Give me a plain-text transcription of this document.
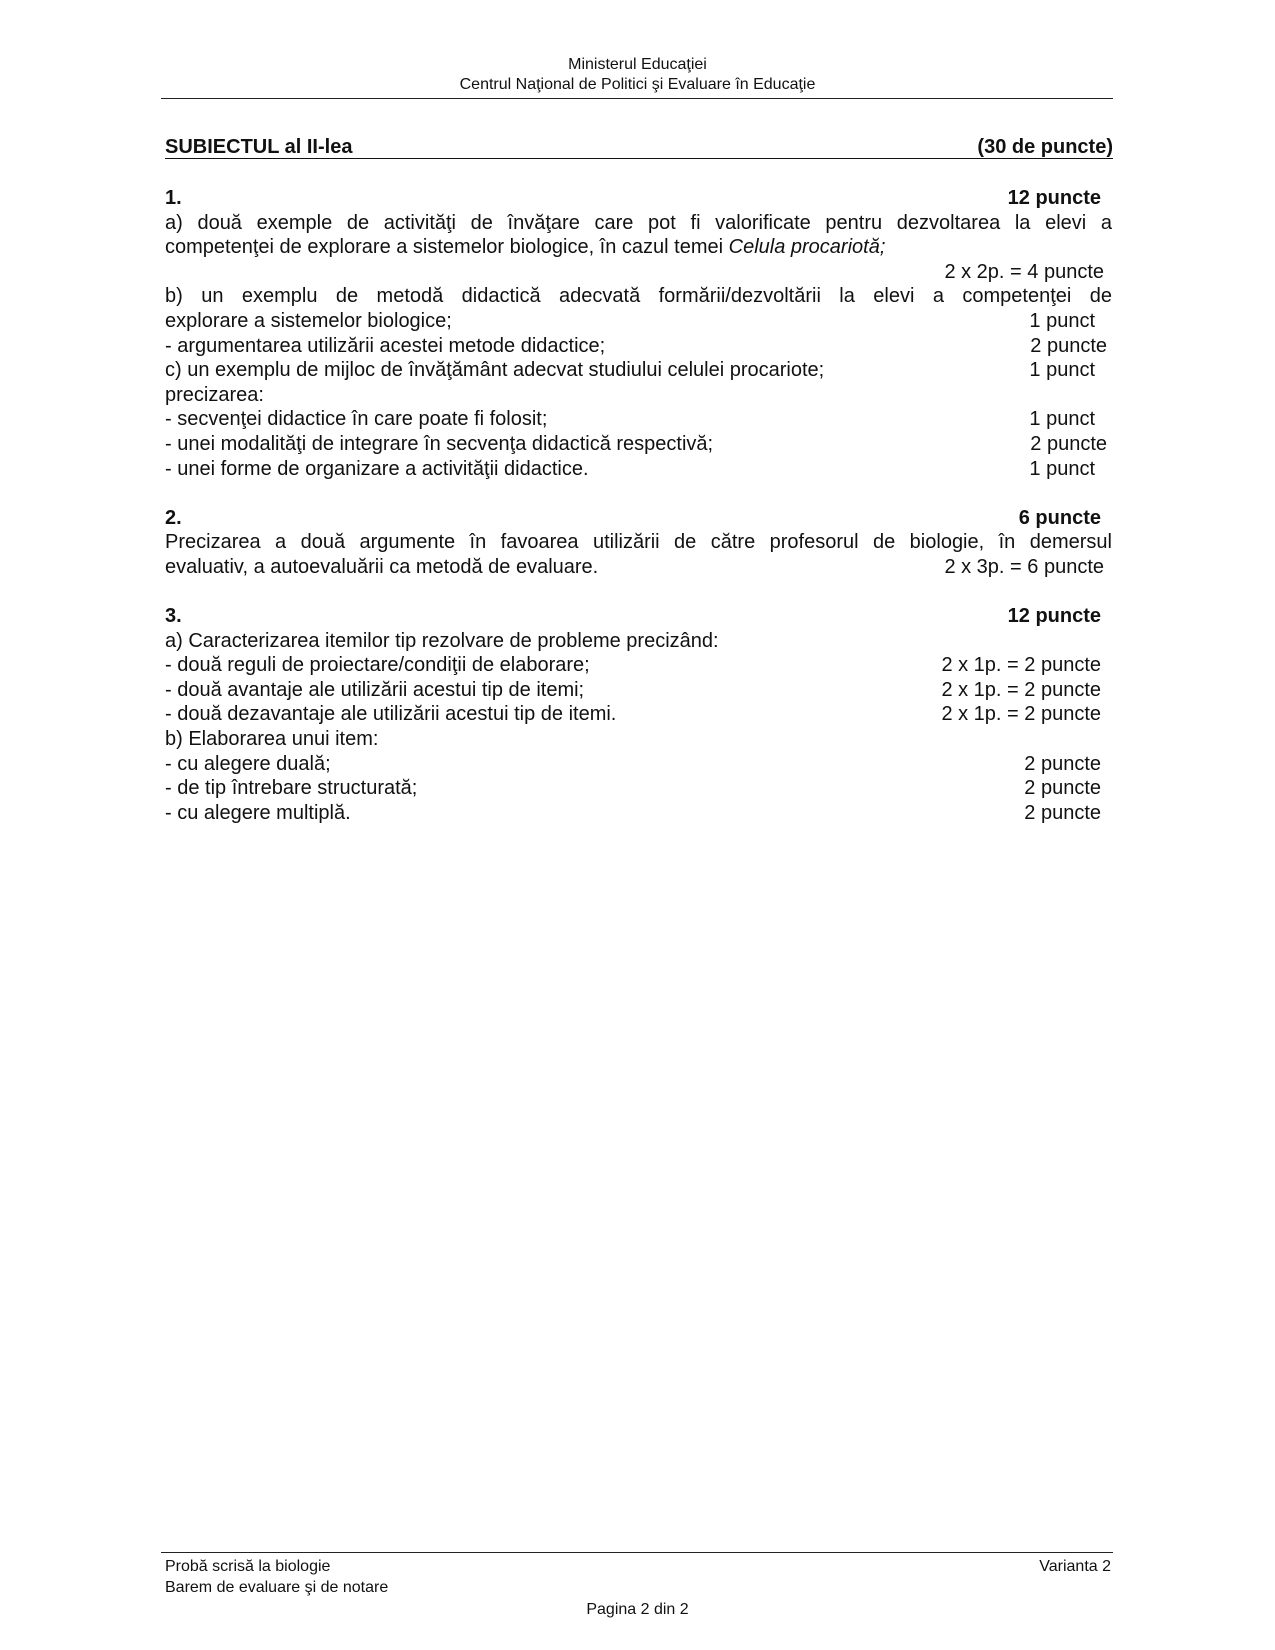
Ministerul Educaţiei
Centrul Naţional de Politici şi Evaluare în Educaţie
SUBIECTUL al II-lea	(30 de puncte)
1.	12 puncte
a) două exemple de activităţi de învăţare care pot fi valorificate pentru dezvoltarea la elevi a
competenţei de explorare a sistemelor biologice, în cazul temei Celula procariotă;
2 x 2p. = 4 puncte
b) un exemplu de metodă didactică adecvată formării/dezvoltării la elevi a competenţei de
explorare a sistemelor biologice;	1 punct
- argumentarea utilizării acestei metode didactice;	2 puncte
c) un exemplu de mijloc de învăţământ adecvat studiului celulei procariote;	1 punct
precizarea:
- secvenţei didactice în care poate fi folosit;	1 punct
- unei modalităţi de integrare în secvenţa didactică respectivă;	2 puncte
- unei forme de organizare a activităţii didactice.	1 punct
2.	6 puncte
Precizarea a două argumente în favoarea utilizării de către profesorul de biologie, în demersul
evaluativ, a autoevaluării ca metodă de evaluare.	2 x 3p. = 6 puncte
3.	12 puncte
a) Caracterizarea itemilor tip rezolvare de probleme precizând:
- două reguli de proiectare/condiţii de elaborare;	2 x 1p. = 2 puncte
- două avantaje ale utilizării acestui tip de itemi;	2 x 1p. = 2 puncte
- două dezavantaje ale utilizării acestui tip de itemi.	2 x 1p. = 2 puncte
b) Elaborarea unui item:
- cu alegere duală;	2 puncte
- de tip întrebare structurată;	2 puncte
- cu alegere multiplă.	2 puncte
Probă scrisă la biologie
Barem de evaluare şi de notare
Varianta 2
Pagina 2 din 2
